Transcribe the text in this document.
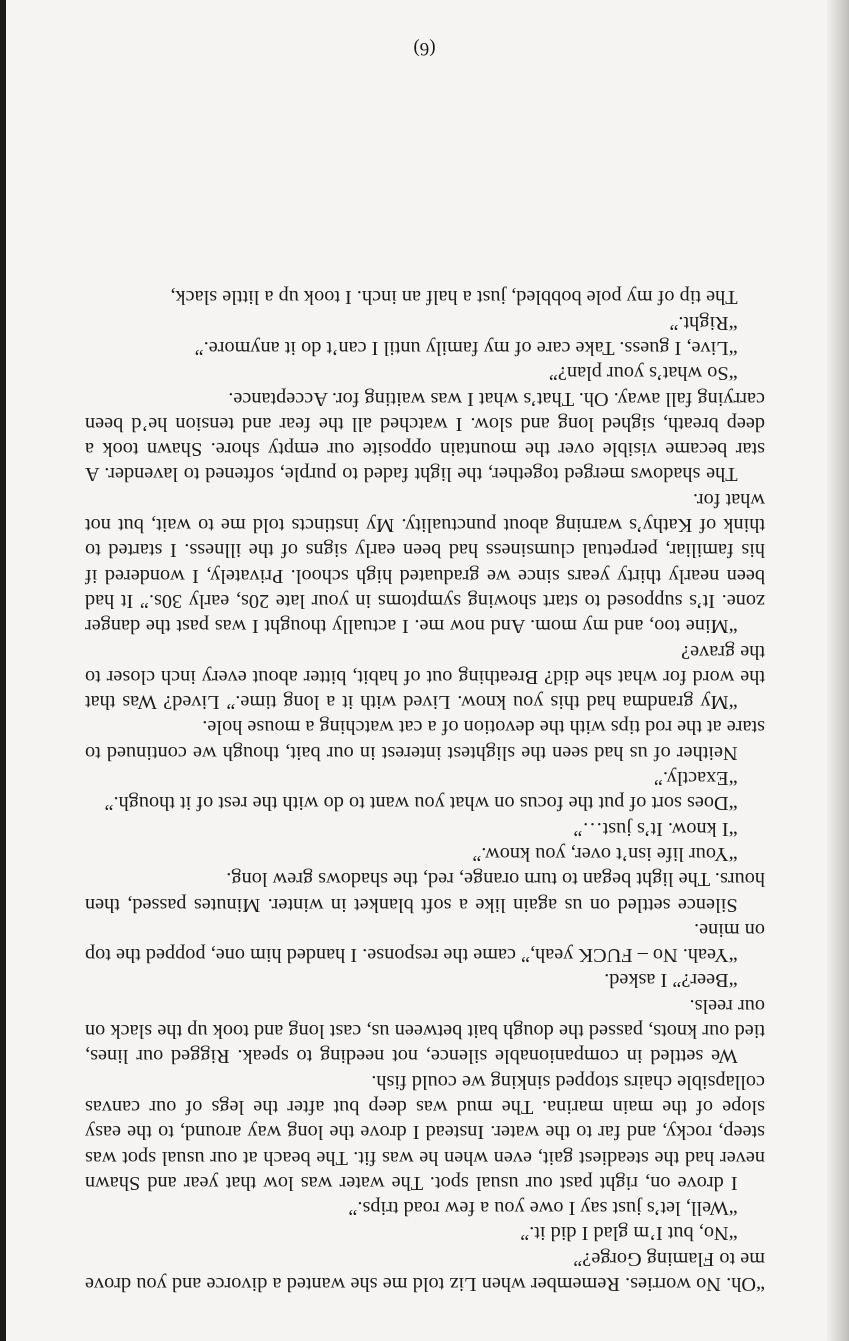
“Oh. No worries. Remember when Liz told me she wanted a divorce and you drove me to Flaming Gorge?”

“No, but I’m glad I did it.”

“Well, let’s just say I owe you a few road trips.”

I drove on, right past our usual spot. The water was low that year and Shawn never had the steadiest gait, even when he was fit. The beach at our usual spot was steep, rocky, and far to the water. Instead I drove the long way around, to the easy slope of the main marina. The mud was deep but after the legs of our canvas collapsible chairs stopped sinking we could fish.

We settled in companionable silence, not needing to speak. Rigged our lines, tied our knots, passed the dough bait between us, cast long and took up the slack on our reels.

“Beer?” I asked.

“Yeah. No – FUCK yeah,” came the response. I handed him one, popped the top on mine.

Silence settled on us again like a soft blanket in winter. Minutes passed, then hours. The light began to turn orange, red, the shadows grew long.

“Your life isn’t over, you know.”

“I know. It’s just…”

“Does sort of put the focus on what you want to do with the rest of it though.”

“Exactly.”

Neither of us had seen the slightest interest in our bait, though we continued to stare at the rod tips with the devotion of a cat watching a mouse hole.

“My grandma had this you know. Lived with it a long time.” Lived? Was that the word for what she did? Breathing out of habit, bitter about every inch closer to the grave?

“Mine too, and my mom. And now me. I actually thought I was past the danger zone. It’s supposed to start showing symptoms in your late 20s, early 30s.” It had been nearly thirty years since we graduated high school. Privately, I wondered if his familiar, perpetual clumsiness had been early signs of the illness. I started to think of Kathy’s warning about punctuality. My instincts told me to wait, but not what for.

The shadows merged together, the light faded to purple, softened to lavender. A star became visible over the mountain opposite our empty shore. Shawn took a deep breath, sighed long and slow. I watched all the fear and tension he’d been carrying fall away. Oh. That’s what I was waiting for. Acceptance.

“So what’s your plan?”

“Live, I guess. Take care of my family until I can’t do it anymore.”

“Right.”

The tip of my pole bobbled, just a half an inch. I took up a little slack,

(6)
